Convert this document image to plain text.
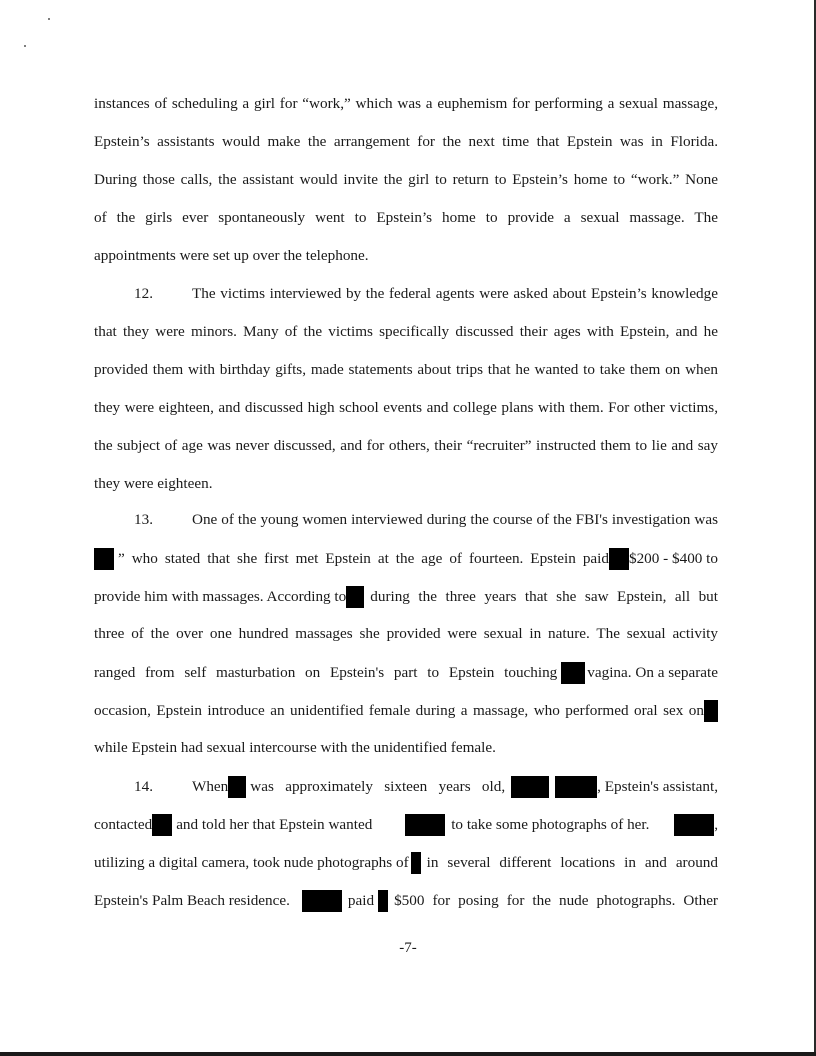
instances of scheduling a girl for “work,” which was a euphemism for performing a sexual massage,
Epstein’s assistants would make the arrangement for the next time that Epstein was in Florida.
During those calls, the assistant would invite the girl to return to Epstein’s home to “work.” None
of the girls ever spontaneously went to Epstein’s home to provide a sexual massage. The
appointments were set up over the telephone.
12.	The victims interviewed by the federal agents were asked about Epstein’s knowledge
that they were minors. Many of the victims specifically discussed their ages with Epstein, and he
provided them with birthday gifts, made statements about trips that he wanted to take them on when
they were eighteen, and discussed high school events and college plans with them. For other victims,
the subject of age was never discussed, and for others, their “recruiter” instructed them to lie and say
they were eighteen.
13.	One of the young women interviewed during the course of the FBI's investigation was
” who stated that she first met Epstein at the age of fourteen. Epstein paid $200 - $400 to
provide him with massages. According to during the three years that she saw Epstein, all but
three of the over one hundred massages she provided were sexual in nature. The sexual activity
ranged from self masturbation on Epstein's part to Epstein touching vagina. On a separate
occasion, Epstein introduce an unidentified female during a massage, who performed oral sex on
while Epstein had sexual intercourse with the unidentified female.
14.	When was approximately sixteen years old,	, Epstein's assistant,
contacted and told her that Epstein wanted	to take some photographs of her.	,
utilizing a digital camera, took nude photographs of in several different locations in and around
Epstein's Palm Beach residence.	paid $500 for posing for the nude photographs. Other
-7-
